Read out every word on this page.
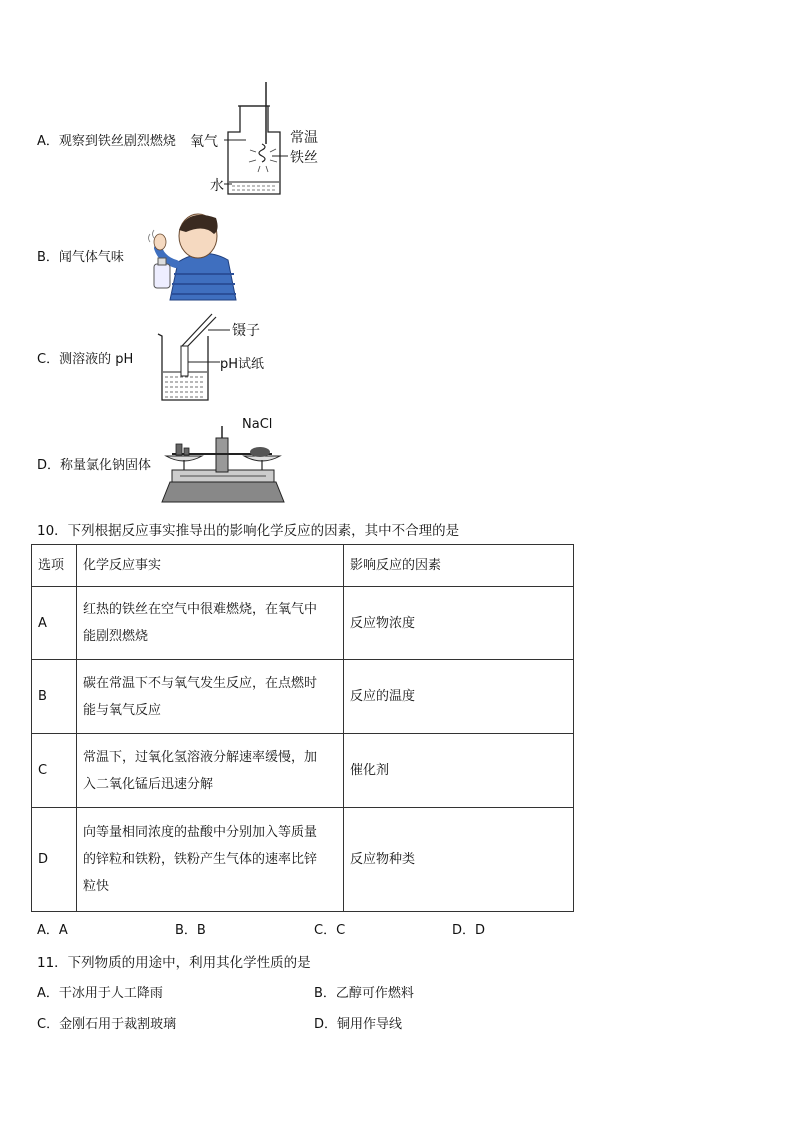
A．观察到铁丝剧烈燃烧 氧气	常温
铁丝
水
B．闻气体气味
C．测溶液的 pH
镊子
pH试纸
D．称量氯化钠固体
NaCl
10．下列根据反应事实推导出的影响化学反应的因素，其中不合理的是
选项	化学反应事实	影响反应的因素
A	红热的铁丝在空气中很难燃烧，在氧气中
能剧烈燃烧	反应物浓度
B	碳在常温下不与氧气发生反应，在点燃时
能与氧气反应	反应的温度
C	常温下，过氧化氢溶液分解速率缓慢，加
入二氧化锰后迅速分解	催化剂
D	向等量相同浓度的盐酸中分别加入等质量
的锌粒和铁粉，铁粉产生气体的速率比锌
粒快	反应物种类
A．A	B．B	C．C	D．D
11．下列物质的用途中，利用其化学性质的是
A．干冰用于人工降雨	B．乙醇可作燃料
C．金刚石用于裁割玻璃	D．铜用作导线
